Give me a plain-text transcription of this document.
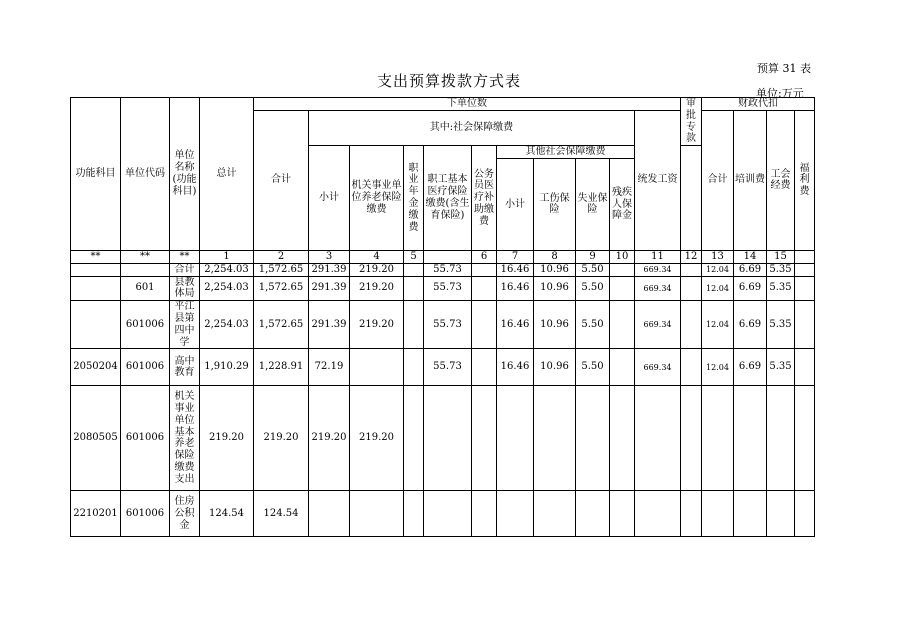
预算 31 表
支出预算拨款方式表
单位:万元
功能科目	单位代码	单位名称(功能科目)	总计	下单位数											审批专款	财政代扣			
				合计	其中:社会保障缴费									统发工资		合计	培训费	工会经费	福利费
					小计	机关事业单位养老保险缴费	职业年金缴费	职工基本医疗保险缴费(含生育保险)	公务员医疗补助缴费	其他社会保障缴费									
										小计	工伤保险	失业保险	残疾人保障金						
**	**	**	1	2	3	4	5		6	7	8	9	10	11	12	13	14	15	
		合计	2,254.03	1,572.65	291.39	219.20		55.73		16.46	10.96	5.50		669.34		12.04	6.69	5.35	
	601	县教体局	2,254.03	1,572.65	291.39	219.20		55.73		16.46	10.96	5.50		669.34		12.04	6.69	5.35	
	601006	平江县第四中学	2,254.03	1,572.65	291.39	219.20		55.73		16.46	10.96	5.50		669.34		12.04	6.69	5.35	
2050204	601006	高中教育	1,910.29	1,228.91	72.19			55.73		16.46	10.96	5.50		669.34		12.04	6.69	5.35	
2080505	601006	机关事业单位基本养老保险缴费支出	219.20	219.20	219.20	219.20													
2210201	601006	住房公积金	124.54	124.54															
